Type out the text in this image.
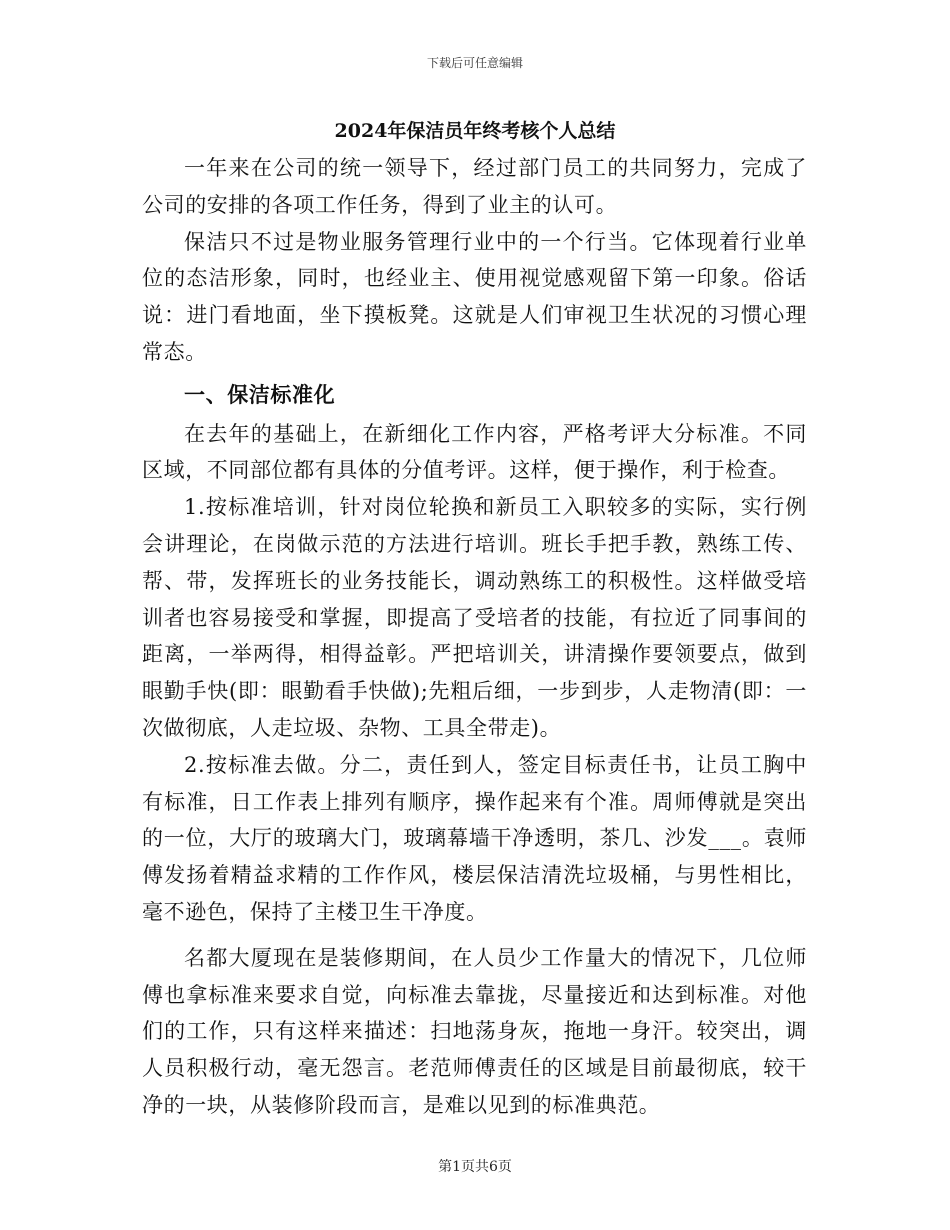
下载后可任意编辑
2024年保洁员年终考核个人总结

一年来在公司的统一领导下，经过部门员工的共同努力，完成了公司的安排的各项工作任务，得到了业主的认可。

保洁只不过是物业服务管理行业中的一个行当。它体现着行业单位的态洁形象，同时，也经业主、使用视觉感观留下第一印象。俗话说：进门看地面，坐下摸板凳。这就是人们审视卫生状况的习惯心理常态。

一、保洁标准化

在去年的基础上，在新细化工作内容，严格考评大分标准。不同区域，不同部位都有具体的分值考评。这样，便于操作，利于检查。

1.按标准培训，针对岗位轮换和新员工入职较多的实际，实行例会讲理论，在岗做示范的方法进行培训。班长手把手教，熟练工传、帮、带，发挥班长的业务技能长，调动熟练工的积极性。这样做受培训者也容易接受和掌握，即提高了受培者的技能，有拉近了同事间的距离，一举两得，相得益彰。严把培训关，讲清操作要领要点，做到眼勤手快(即：眼勤看手快做);先粗后细，一步到步，人走物清(即：一次做彻底，人走垃圾、杂物、工具全带走)。

2.按标准去做。分二，责任到人，签定目标责任书，让员工胸中有标准，日工作表上排列有顺序，操作起来有个准。周师傅就是突出的一位，大厅的玻璃大门，玻璃幕墙干净透明，茶几、沙发___。袁师傅发扬着精益求精的工作作风，楼层保洁清洗垃圾桶，与男性相比，毫不逊色，保持了主楼卫生干净度。

名都大厦现在是装修期间，在人员少工作量大的情况下，几位师傅也拿标准来要求自觉，向标准去靠拢，尽量接近和达到标准。对他们的工作，只有这样来描述：扫地荡身灰，拖地一身汗。较突出，调人员积极行动，毫无怨言。老范师傅责任的区域是目前最彻底，较干净的一块，从装修阶段而言，是难以见到的标准典范。

第1页共6页
